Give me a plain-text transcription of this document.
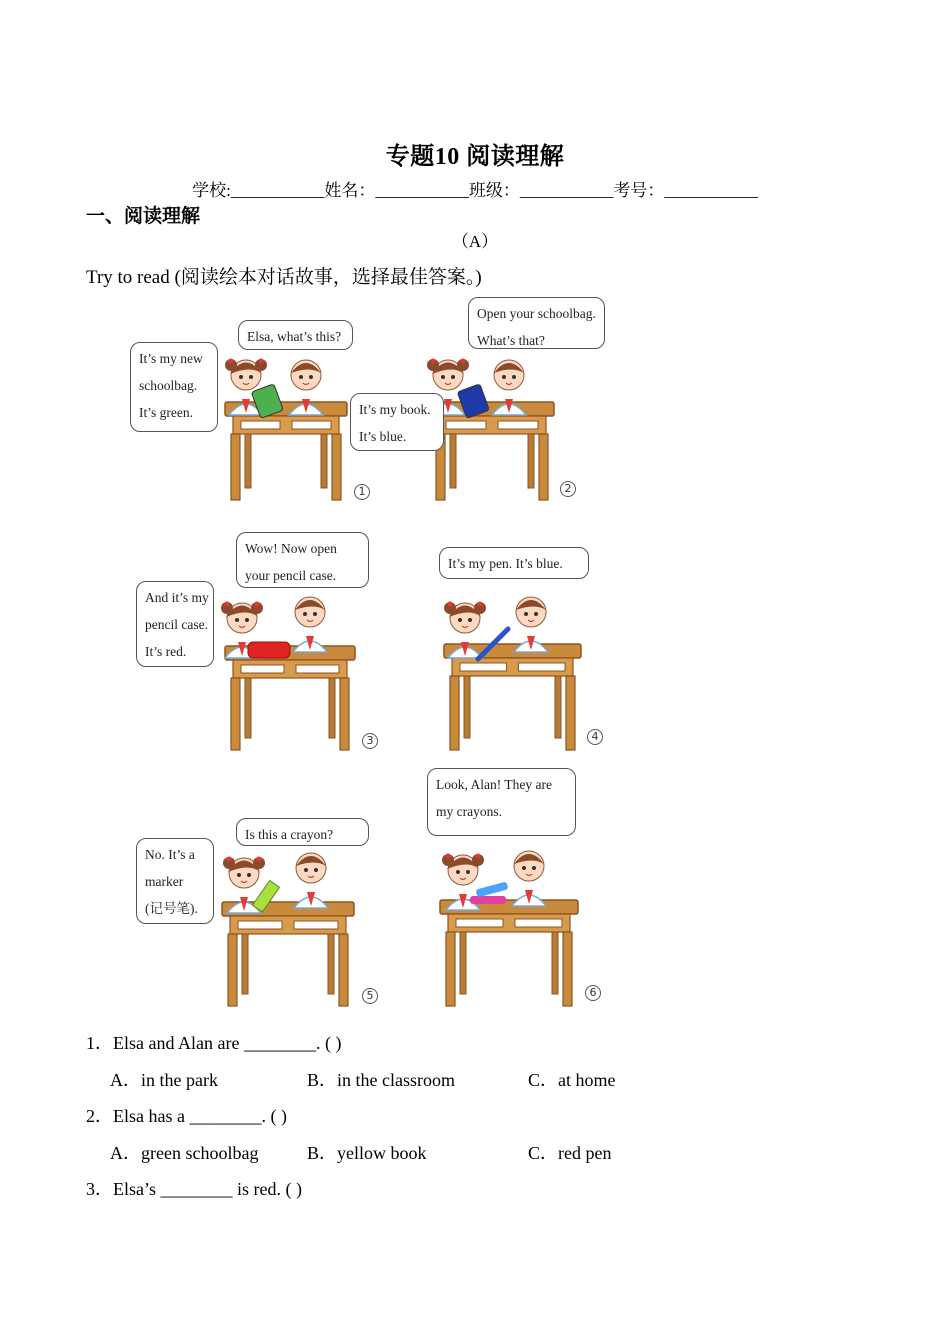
专题10 阅读理解
学校:___________姓名：___________班级：___________考号：___________
一、阅读理解
（A）
Try to read (阅读绘本对话故事，选择最佳答案。)
It’s my new
schoolbag.
It’s green.
Elsa, what’s this?
1
It’s my book.
It’s blue.
Open your schoolbag.
What’s that?
2
And it’s my
pencil case.
It’s red.
Wow! Now open
your pencil case.
3
It’s my pen. It’s blue.
4
No. It’s a
marker
(记号笔).
Is this a crayon?
5
Look, Alan! They are
my crayons.
6
1．Elsa and Alan are ________. ( )
A．in the park	B．in the classroom	C．at home
2．Elsa has a ________. ( )
A．green schoolbag	B．yellow book	C．red pen
3．Elsa’s ________ is red. ( )
